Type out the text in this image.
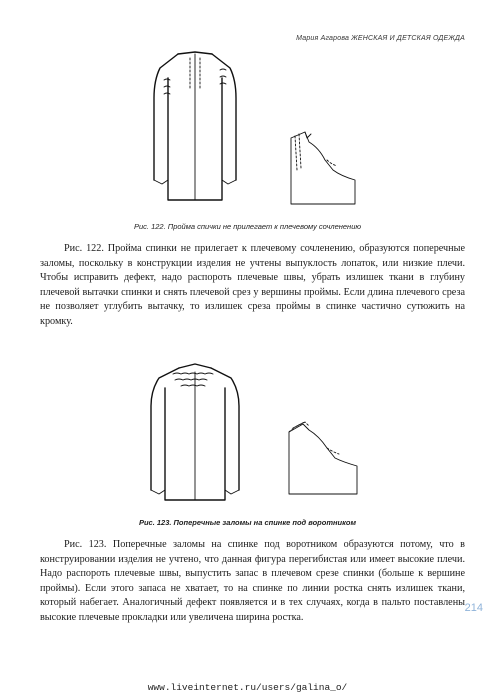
Мария Агарова ЖЕНСКАЯ И ДЕТСКАЯ ОДЕЖДА
Рис. 122. Пройма спички не прилегает к плечевому сочленению
Рис. 122. Пройма спинки не прилегает к плечевому сочленению, образуются поперечные заломы, поскольку в конструкции изделия не учтены выпуклость лопаток, или низкие плечи. Чтобы исправить дефект, надо распороть плечевые швы, убрать излишек ткани в глубину плечевой вытачки спинки и снять плечевой срез у вершины проймы. Если длина плечевого среза не позволяет углубить вытачку, то излишек среза проймы в спинке частично сутюжить на кромку.
Рис. 123. Поперечные заломы на спинке под воротником
Рис. 123. Поперечные заломы на спинке под воротником образуются потому, что в конструировании изделия не учтено, что данная фигура перегибистая или имеет высокие плечи. Надо распороть плечевые швы, выпустить запас в плечевом срезе спинки (больше к вершине проймы). Если этого запаса не хватает, то на спинке по линии ростка снять излишек ткани, который набегает. Аналогичный дефект появляется и в тех случаях, когда в пальто поставлены высокие плечевые прокладки или увеличена ширина ростка.
214
www.liveinternet.ru/users/galina_o/
